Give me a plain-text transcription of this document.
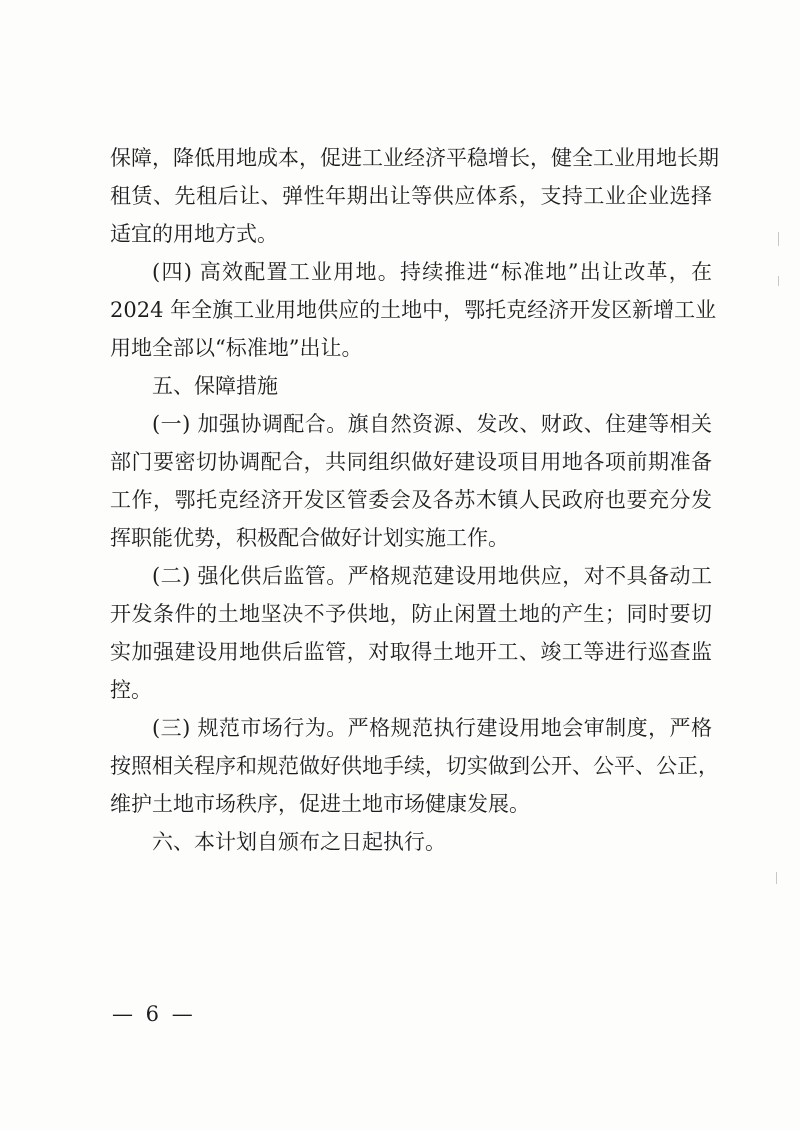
保障，降低用地成本，促进工业经济平稳增长，健全工业用地长期

租赁、先租后让、弹性年期出让等供应体系，支持工业企业选择

适宜的用地方式。

(四) 高效配置工业用地。持续推进“标准地”出让改革，在

2024 年全旗工业用地供应的土地中，鄂托克经济开发区新增工业

用地全部以“标准地”出让。

五、保障措施

(一) 加强协调配合。旗自然资源、发改、财政、住建等相关

部门要密切协调配合，共同组织做好建设项目用地各项前期准备

工作，鄂托克经济开发区管委会及各苏木镇人民政府也要充分发

挥职能优势，积极配合做好计划实施工作。

(二) 强化供后监管。严格规范建设用地供应，对不具备动工

开发条件的土地坚决不予供地，防止闲置土地的产生；同时要切

实加强建设用地供后监管，对取得土地开工、竣工等进行巡查监

控。

(三) 规范市场行为。严格规范执行建设用地会审制度，严格

按照相关程序和规范做好供地手续，切实做到公开、公平、公正，

维护土地市场秩序，促进土地市场健康发展。

六、本计划自颁布之日起执行。

— 6 —
